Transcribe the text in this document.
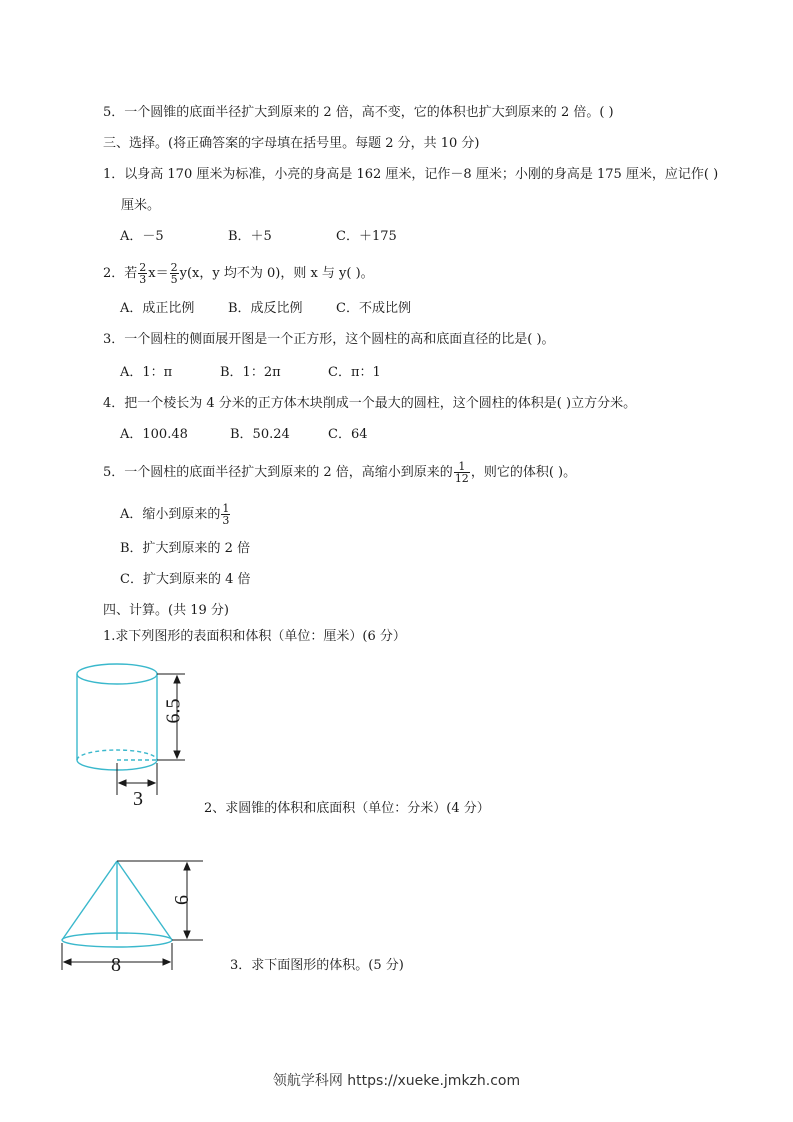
5．一个圆锥的底面半径扩大到原来的 2 倍，高不变，它的体积也扩大到原来的 2 倍。( )
三、选择。(将正确答案的字母填在括号里。每题 2 分，共 10 分)
1．以身高 170 厘米为标准，小亮的身高是 162 厘米，记作－8 厘米；小刚的身高是 175 厘米，应记作( )
厘米。
A．－5	B．＋5	C．＋175
2．若 $\frac{2}{3} x= \frac{2}{5} y(x$，y 均不为 0)，则 x 与 y( )。
A．成正比例	B．成反比例	C．不成比例
3．一个圆柱的侧面展开图是一个正方形，这个圆柱的高和底面直径的比是( )。
A．1：π	B．1：2π	C．π：1
4．把一个棱长为 4 分米的正方体木块削成一个最大的圆柱，这个圆柱的体积是( )立方分米。
A．100.48	B．50.24	C．64
5．一个圆柱的底面半径扩大到原来的 2 倍，高缩小到原来的 $\frac{1}{12}$ ，则它的体积( )。
A．缩小到原来的 $\frac{1}{3}$
B．扩大到原来的 2 倍
C．扩大到原来的 4 倍
四、计算。(共 19 分)
1.求下列图形的表面积和体积（单位：厘米）(6 分）
6.5
3	2、求圆锥的体积和底面积（单位：分米）(4 分）
6
8	3．求下面图形的体积。(5 分)
领航学科网 https://xueke.jmkzh.com
